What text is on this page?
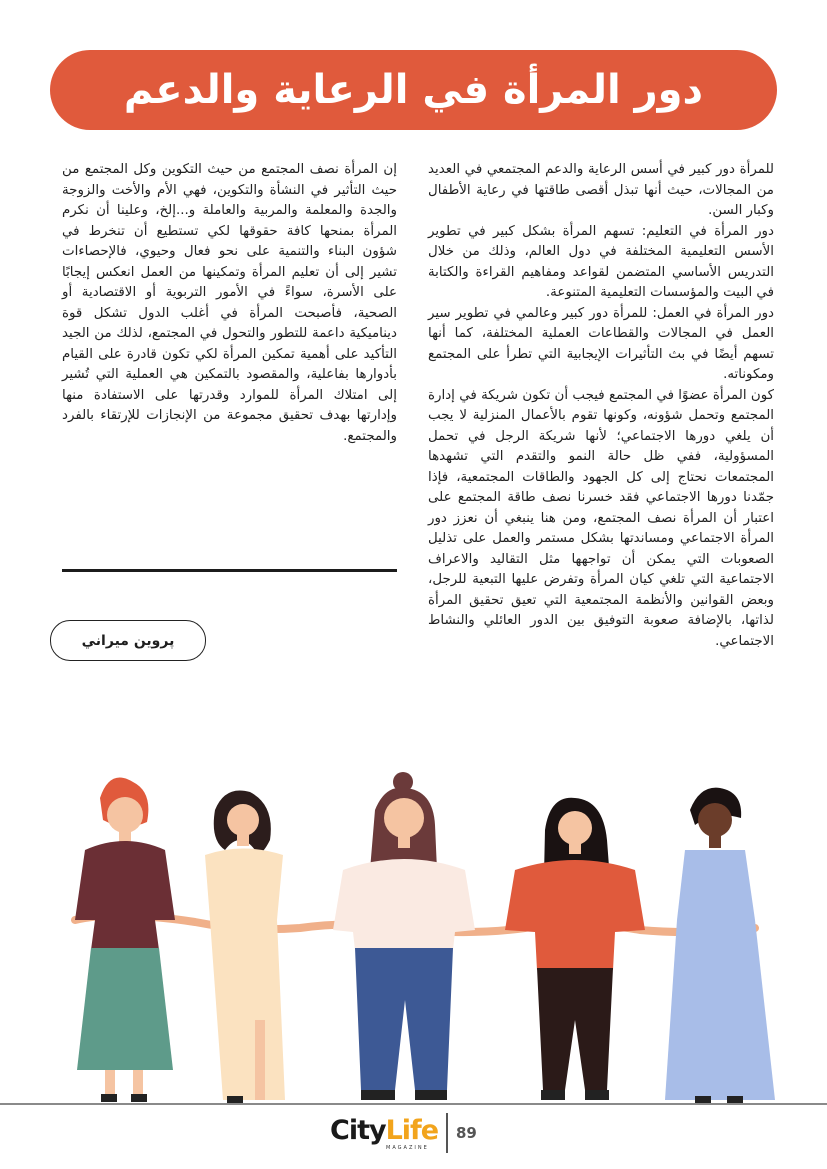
دور المرأة في الرعاية والدعم

للمرأة دور كبير في أسس الرعاية والدعم المجتمعي في العديد من المجالات، حيث أنها تبذل أقصى طاقتها في رعاية الأطفال وكبار السن.

دور المرأة في التعليم: تسهم المرأة بشكل كبير في تطوير الأسس التعليمية المختلفة في دول العالم، وذلك من خلال التدريس الأساسي المتضمن لقواعد ومفاهيم القراءة والكتابة في البيت والمؤسسات التعليمية المتنوعة.

دور المرأة في العمل: للمرأة دور كبير وعالمي في تطوير سير العمل في المجالات والقطاعات العملية المختلفة، كما أنها تسهم أيضًا في بث التأثيرات الإيجابية التي تطرأ على المجتمع ومكوناته.

كون المرأة عضوًا في المجتمع فيجب أن تكون شريكة في إدارة المجتمع وتحمل شؤونه، وكونها تقوم بالأعمال المنزلية لا يجب أن يلغي دورها الاجتماعي؛ لأنها شريكة الرجل في تحمل المسؤولية، ففي ظل حالة النمو والتقدم التي تشهدها المجتمعات نحتاج إلى كل الجهود والطاقات المجتمعية، فإذا جمّدنا دورها الاجتماعي فقد خسرنا نصف طاقة المجتمع على اعتبار أن المرأة نصف المجتمع، ومن هنا ينبغي أن نعزز دور المرأة الاجتماعي ومساندتها بشكل مستمر والعمل على تذليل الصعوبات التي يمكن أن تواجهها مثل التقاليد والاعراف الاجتماعية التي تلغي كيان المرأة وتفرض عليها التبعية للرجل، وبعض القوانين والأنظمة المجتمعية التي تعيق تحقيق المرأة لذاتها، بالإضافة صعوبة التوفيق بين الدور العائلي والنشاط الاجتماعي.

إن المرأة نصف المجتمع من حيث التكوين وكل المجتمع من حيث التأثير في النشأة والتكوين، فهي الأم والأخت والزوجة والجدة والمعلمة والمربية والعاملة و...إلخ، وعلينا أن نكرم المرأة بمنحها كافة حقوقها لكي تستطيع أن تنخرط في شؤون البناء والتنمية على نحو فعال وحيوي، فالإحصاءات تشير إلى أن تعليم المرأة وتمكينها من العمل انعكس إيجابًا على الأسرة، سواءً في الأمور التربوية أو الاقتصادية أو الصحية، فأصبحت المرأة في أغلب الدول تشكل قوة ديناميكية داعمة للتطور والتحول في المجتمع، لذلك من الجيد التأكيد على أهمية تمكين المرأة لكي تكون قادرة على القيام بأدوارها بفاعلية، والمقصود بالتمكين هي العملية التي تُشير إلى امتلاك المرأة للموارد وقدرتها على الاستفادة منها وإدارتها بهدف تحقيق مجموعة من الإنجازات للإرتقاء بالفرد والمجتمع.

پروين ميراني
City Life
MAGAZINE
89
